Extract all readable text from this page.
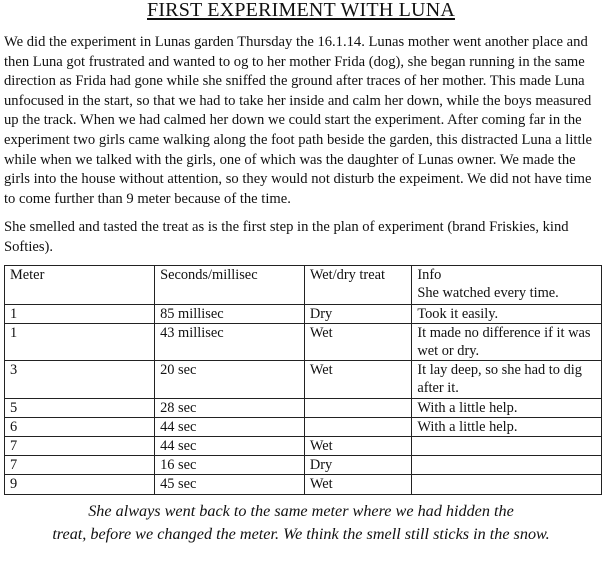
FIRST EXPERIMENT WITH LUNA

We did the experiment in Lunas garden Thursday the 16.1.14. Lunas mother went another place and then Luna got frustrated and wanted to og to her mother Frida (dog), she began running in the same direction as Frida had gone while she sniffed the ground after traces of her mother. This made Luna unfocused in the start, so that we had to take her inside and calm her down, while the boys measured up the track. When we had calmed her down we could start the experiment. After coming far in the experiment two girls came walking along the foot path beside the garden, this distracted Luna a little while when we talked with the girls, one of which was the daughter of Lunas owner. We made the girls into the house without attention, so they would not disturb the expeiment. We did not have time to come further than 9 meter because of the time.

She smelled and tasted the treat as is the first step in the plan of experiment (brand Friskies, kind Softies).

Meter	Seconds/millisec	Wet/dry treat	Info
She watched every time.

1	85 millisec	Dry	Took it easily.
1	43 millisec	Wet	It made no difference if it was wet or dry.
3	20 sec	Wet	It lay deep, so she had to dig after it.
5	28 sec		With a little help.
6	44 sec		With a little help.
7	44 sec	Wet	
7	16 sec	Dry	
9	45 sec	Wet	
She always went back to the same meter where we had hidden the
treat, before we changed the meter. We think the smell still sticks in the snow.
